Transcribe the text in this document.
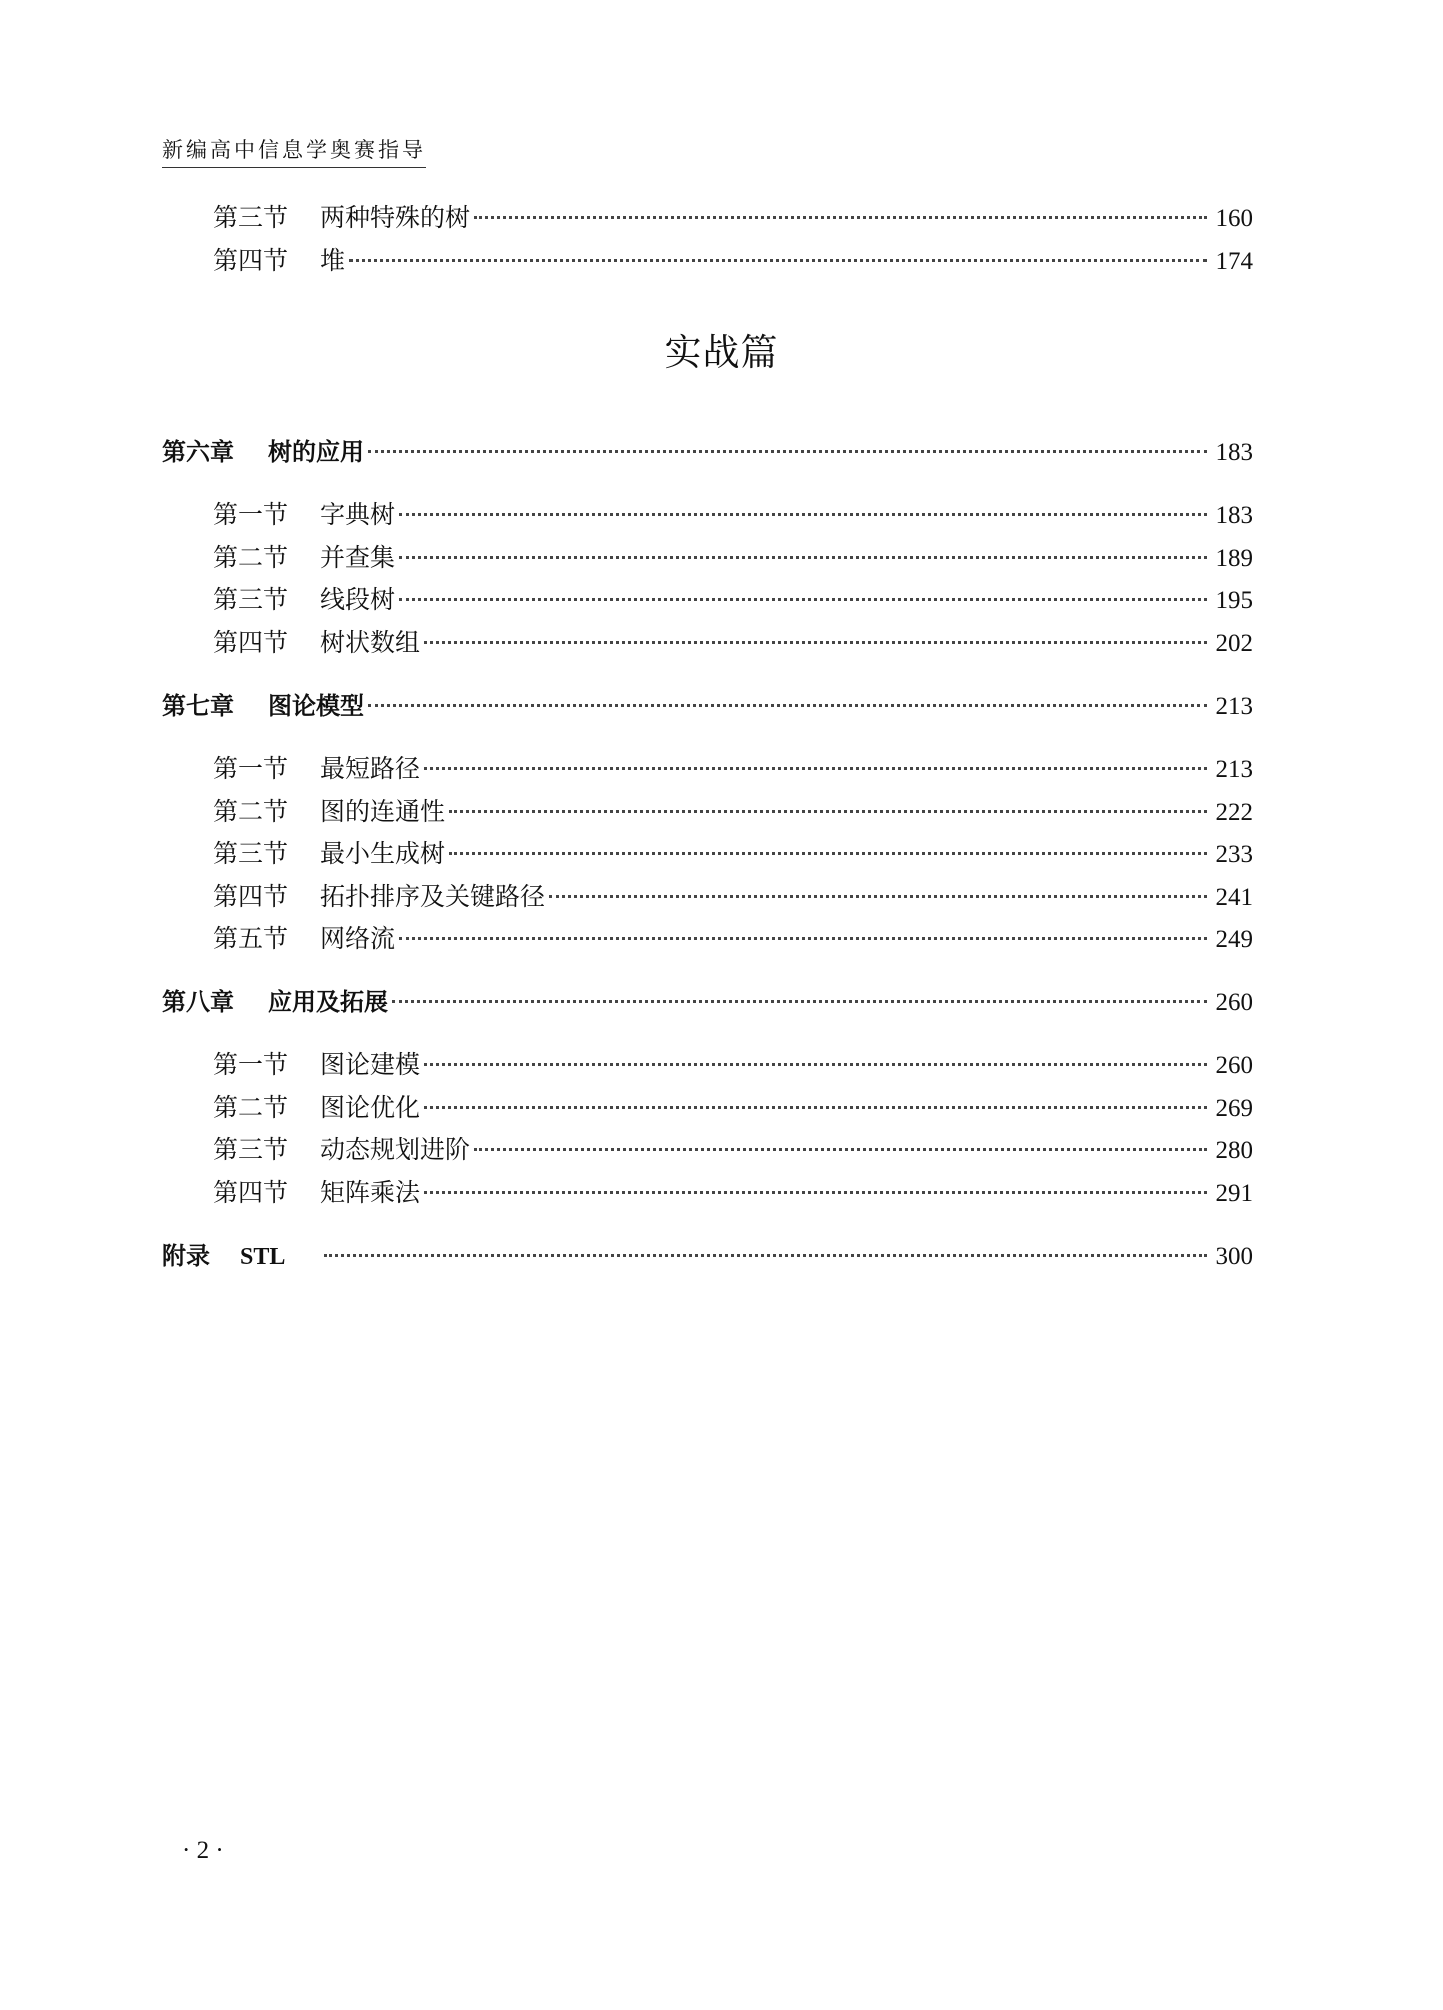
新编高中信息学奥赛指导
第三节	两种特殊的树	160
第四节	堆	174
实战篇
第六章	树的应用	183
第一节	字典树	183
第二节	并查集	189
第三节	线段树	195
第四节	树状数组	202
第七章	图论模型	213
第一节	最短路径	213
第二节	图的连通性	222
第三节	最小生成树	233
第四节	拓扑排序及关键路径	241
第五节	网络流	249
第八章	应用及拓展	260
第一节	图论建模	260
第二节	图论优化	269
第三节	动态规划进阶	280
第四节	矩阵乘法	291
附录	STL	300
· 2 ·
